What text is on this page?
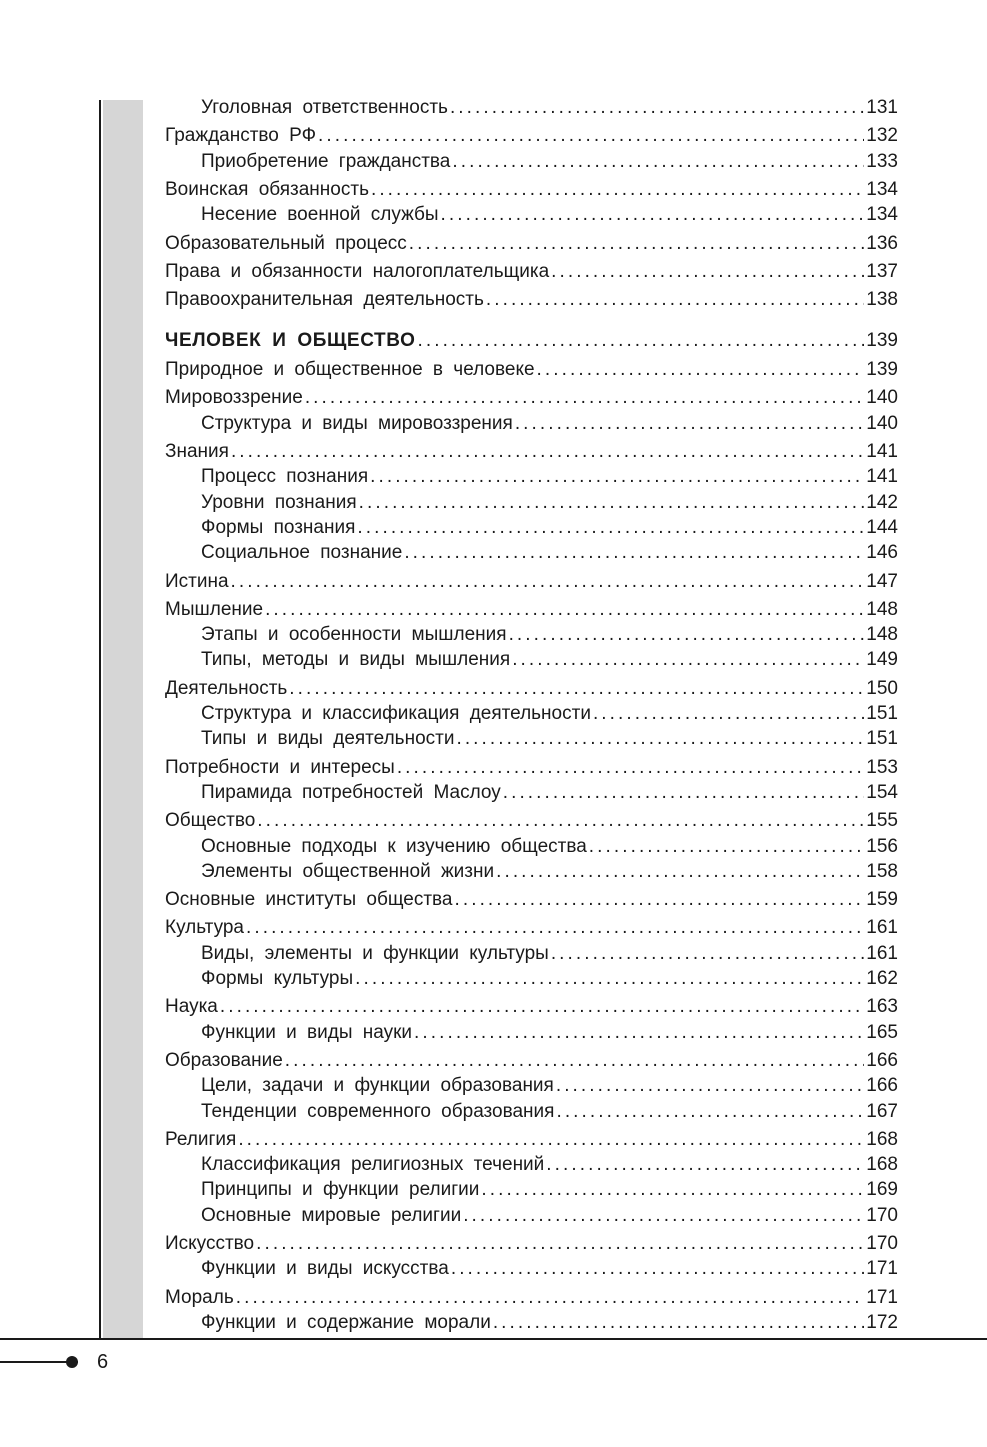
Уголовная ответственность . . .	131
Гражданство РФ . . .	132
Приобретение гражданства . . .	133
Воинская обязанность . . .	134
Несение военной службы . . .	134
Образовательный процесс . . .	136
Права и обязанности налогоплательщика . . .	137
Правоохранительная деятельность . . .	138
ЧЕЛОВЕК И ОБЩЕСТВО . . .	139
Природное и общественное в человеке . . .	139
Мировоззрение . . .	140
Структура и виды мировоззрения . . .	140
Знания . . .	141
Процесс познания . . .	141
Уровни познания . . .	142
Формы познания . . .	144
Социальное познание . . .	146
Истина . . .	147
Мышление . . .	148
Этапы и особенности мышления . . .	148
Типы, методы и виды мышления . . .	149
Деятельность . . .	150
Структура и классификация деятельности . . .	151
Типы и виды деятельности . . .	151
Потребности и интересы . . .	153
Пирамида потребностей Маслоу . . .	154
Общество . . .	155
Основные подходы к изучению общества . . .	156
Элементы общественной жизни . . .	158
Основные институты общества . . .	159
Культура . . .	161
Виды, элементы и функции культуры . . .	161
Формы культуры . . .	162
Наука . . .	163
Функции и виды науки . . .	165
Образование . . .	166
Цели, задачи и функции образования . . .	166
Тенденции современного образования . . .	167
Религия . . .	168
Классификация религиозных течений . . .	168
Принципы и функции религии . . .	169
Основные мировые религии . . .	170
Искусство . . .	170
Функции и виды искусства . . .	171
Мораль . . .	171
Функции и содержание морали . . .	172
6
